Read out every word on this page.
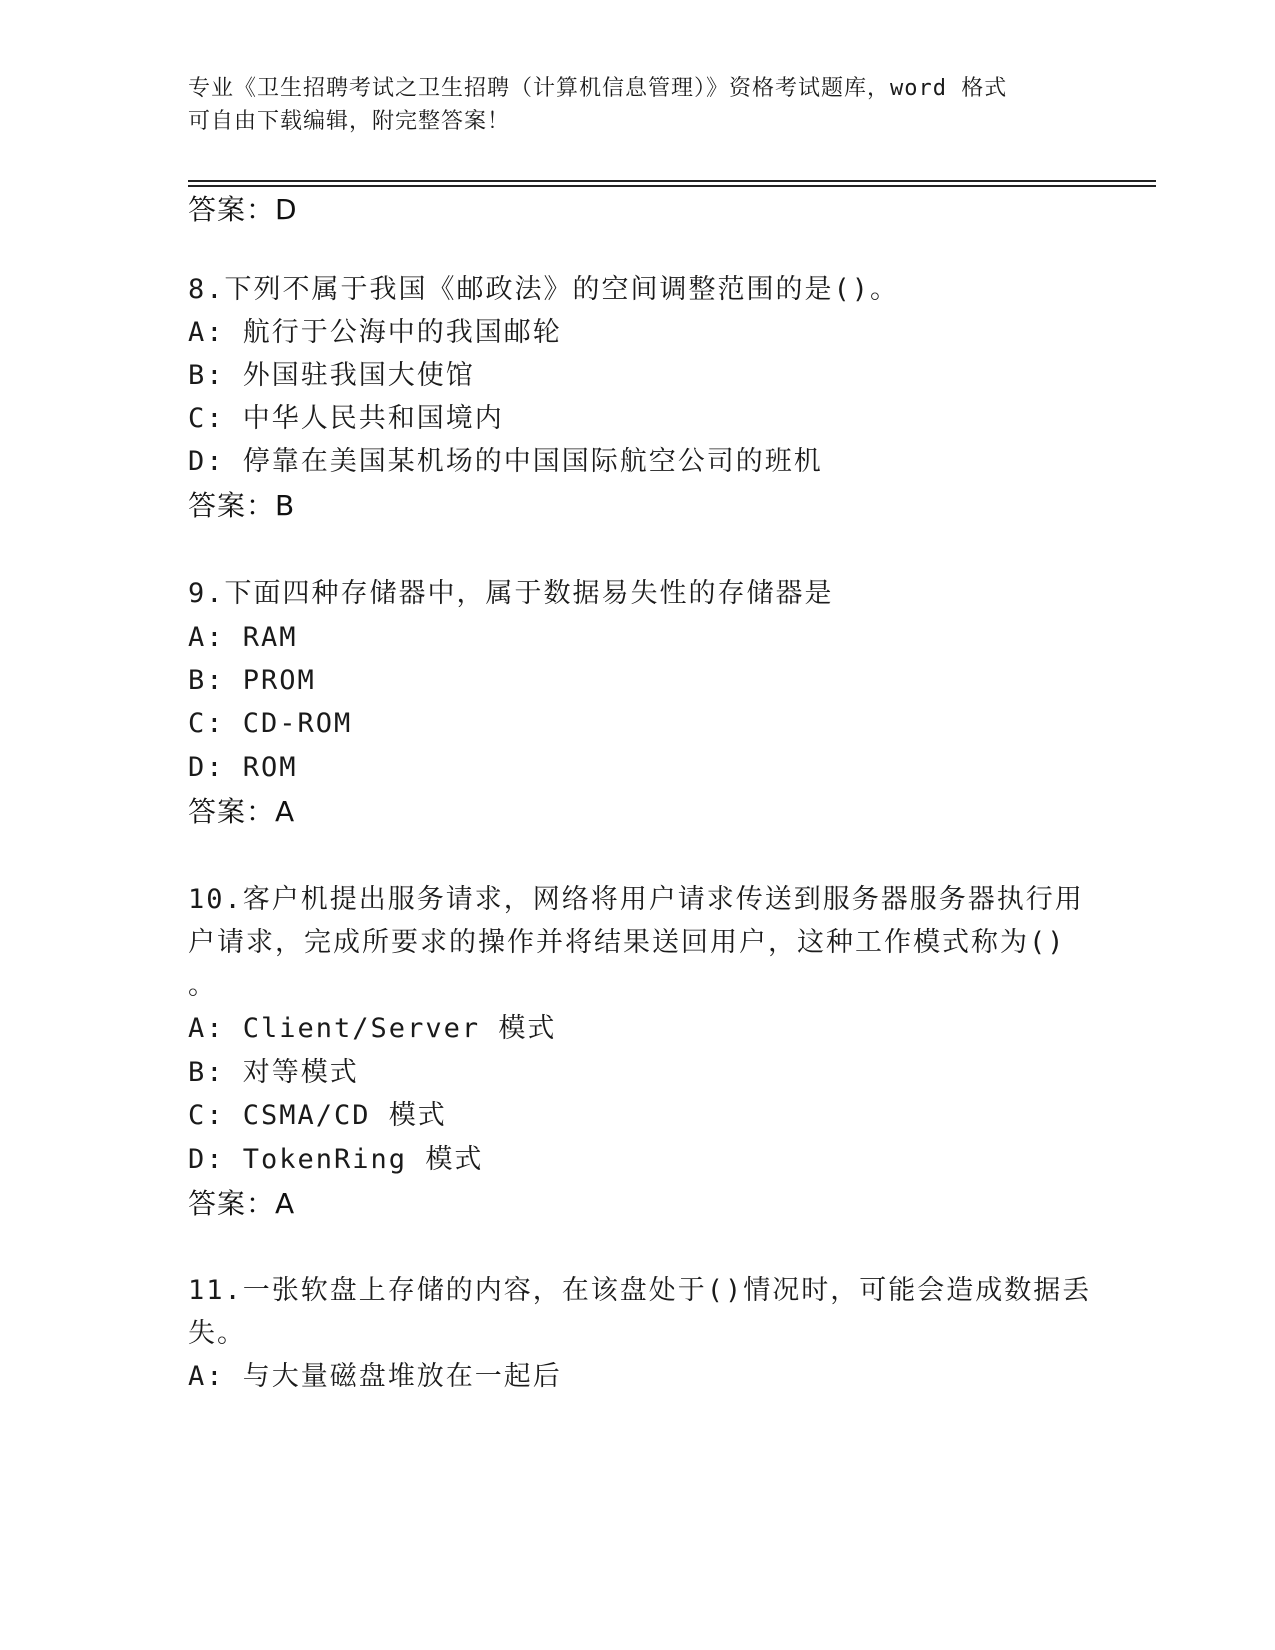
专业《卫生招聘考试之卫生招聘（计算机信息管理）》资格考试题库，word 格式
可自由下载编辑，附完整答案！
答案：D
8.下列不属于我国《邮政法》的空间调整范围的是()。
A: 航行于公海中的我国邮轮
B: 外国驻我国大使馆
C: 中华人民共和国境内
D: 停靠在美国某机场的中国国际航空公司的班机
答案：B
9.下面四种存储器中，属于数据易失性的存储器是
A: RAM
B: PROM
C: CD-ROM
D: ROM
答案：A
10.客户机提出服务请求，网络将用户请求传送到服务器服务器执行用
户请求，完成所要求的操作并将结果送回用户，这种工作模式称为()
。
A: Client/Server 模式
B: 对等模式
C: CSMA/CD 模式
D: TokenRing 模式
答案：A
11.一张软盘上存储的内容，在该盘处于()情况时，可能会造成数据丢
失。
A: 与大量磁盘堆放在一起后
